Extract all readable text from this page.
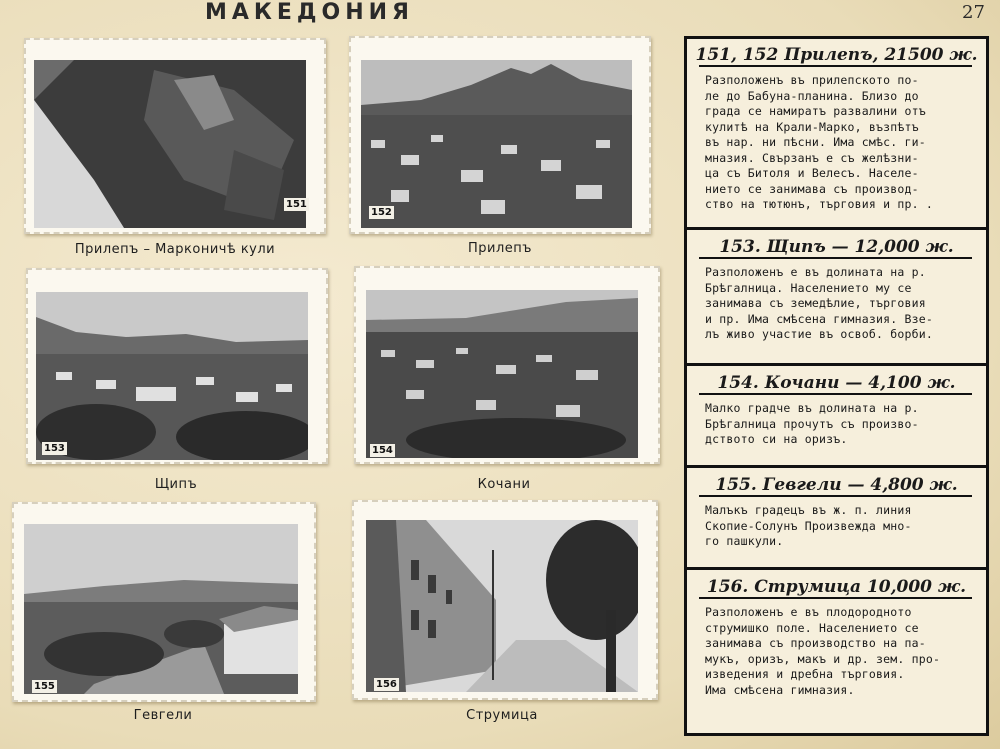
МАКЕДОНИЯ	27
151
Прилепъ – Марконичѣ кули
152
Прилепъ
153
Щипъ
154
Кочани
155
Гевгели
156
Струмица
151, 152 Прилепъ, 21500 ж.
Разположенъ въ прилепското по-
ле до Бабуна-планина. Близо до
града се намиратъ развалини отъ
кулитѣ на Крали-Марко, възпѣтъ
въ нар. ни пѣсни. Има смѣс. ги-
мназия. Свързанъ е съ желѣзни-
ца съ Битоля и Велесъ. Населе-
нието се занимава съ производ-
ство на тютюнъ, търговия и пр. .
153. Щипъ — 12,000 ж.
Разположенъ е въ долината на р.
Брѣгалница. Населението му се
занимава съ земедѣлие, търговия
и пр. Има смѣсена гимназия. Взе-
лъ живо участие въ освоб. борби.
154. Кочани — 4,100 ж.
Малко градче въ долината на р.
Брѣгалница прочутъ съ произво-
дството си на оризъ.
155. Гевгели — 4,800 ж.
Малъкъ градецъ въ ж. п. линия
Скопие-Солунъ Произвежда мно-
го пашкули.
156. Струмица 10,000 ж.
Разположенъ е въ плодородното
струмишко поле. Населението се
занимава съ производство на па-
мукъ, оризъ, макъ и др. зем. про-
изведения и дребна търговия.
Има смѣсена гимназия.
